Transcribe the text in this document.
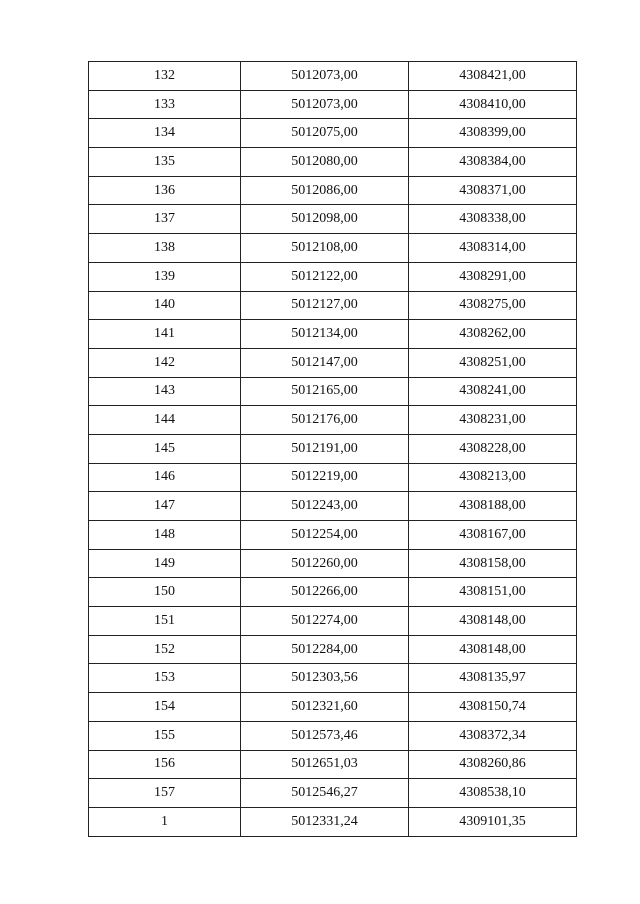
132	5012073,00	4308421,00
133	5012073,00	4308410,00
134	5012075,00	4308399,00
135	5012080,00	4308384,00
136	5012086,00	4308371,00
137	5012098,00	4308338,00
138	5012108,00	4308314,00
139	5012122,00	4308291,00
140	5012127,00	4308275,00
141	5012134,00	4308262,00
142	5012147,00	4308251,00
143	5012165,00	4308241,00
144	5012176,00	4308231,00
145	5012191,00	4308228,00
146	5012219,00	4308213,00
147	5012243,00	4308188,00
148	5012254,00	4308167,00
149	5012260,00	4308158,00
150	5012266,00	4308151,00
151	5012274,00	4308148,00
152	5012284,00	4308148,00
153	5012303,56	4308135,97
154	5012321,60	4308150,74
155	5012573,46	4308372,34
156	5012651,03	4308260,86
157	5012546,27	4308538,10
1	5012331,24	4309101,35
